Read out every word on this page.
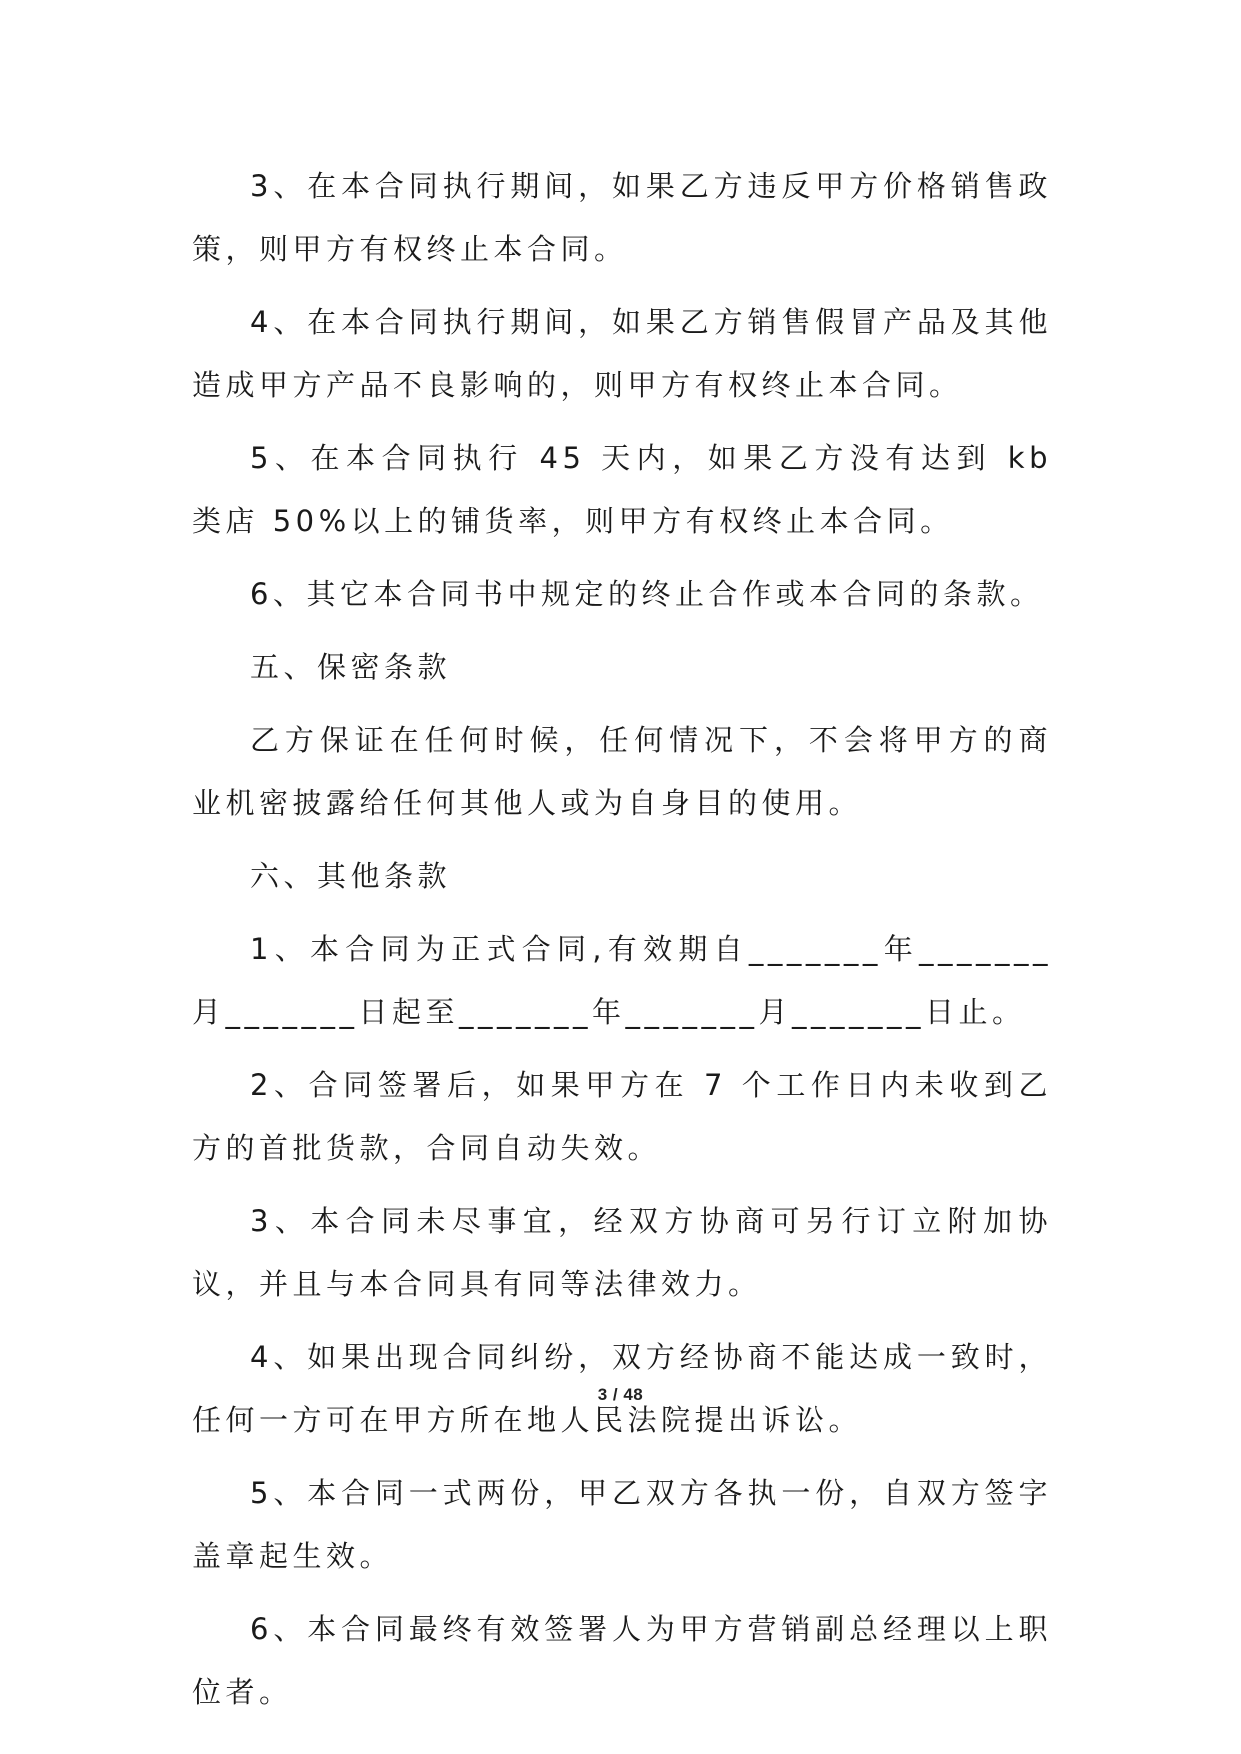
3、在本合同执行期间，如果乙方违反甲方价格销售政策，则甲方有权终止本合同。

4、在本合同执行期间，如果乙方销售假冒产品及其他造成甲方产品不良影响的，则甲方有权终止本合同。

5、在本合同执行 45 天内，如果乙方没有达到 kb 类店 50%以上的铺货率，则甲方有权终止本合同。

6、其它本合同书中规定的终止合作或本合同的条款。

五、保密条款

乙方保证在任何时候，任何情况下，不会将甲方的商业机密披露给任何其他人或为自身目的使用。

六、其他条款

1、本合同为正式合同,有效期自_______年_______月_______日起至_______年_______月_______日止。

2、合同签署后，如果甲方在 7 个工作日内未收到乙方的首批货款，合同自动失效。

3、本合同未尽事宜，经双方协商可另行订立附加协议，并且与本合同具有同等法律效力。

4、如果出现合同纠纷，双方经协商不能达成一致时，任何一方可在甲方所在地人民法院提出诉讼。

5、本合同一式两份，甲乙双方各执一份，自双方签字盖章起生效。

6、本合同最终有效签署人为甲方营销副总经理以上职位者。

3 / 48
